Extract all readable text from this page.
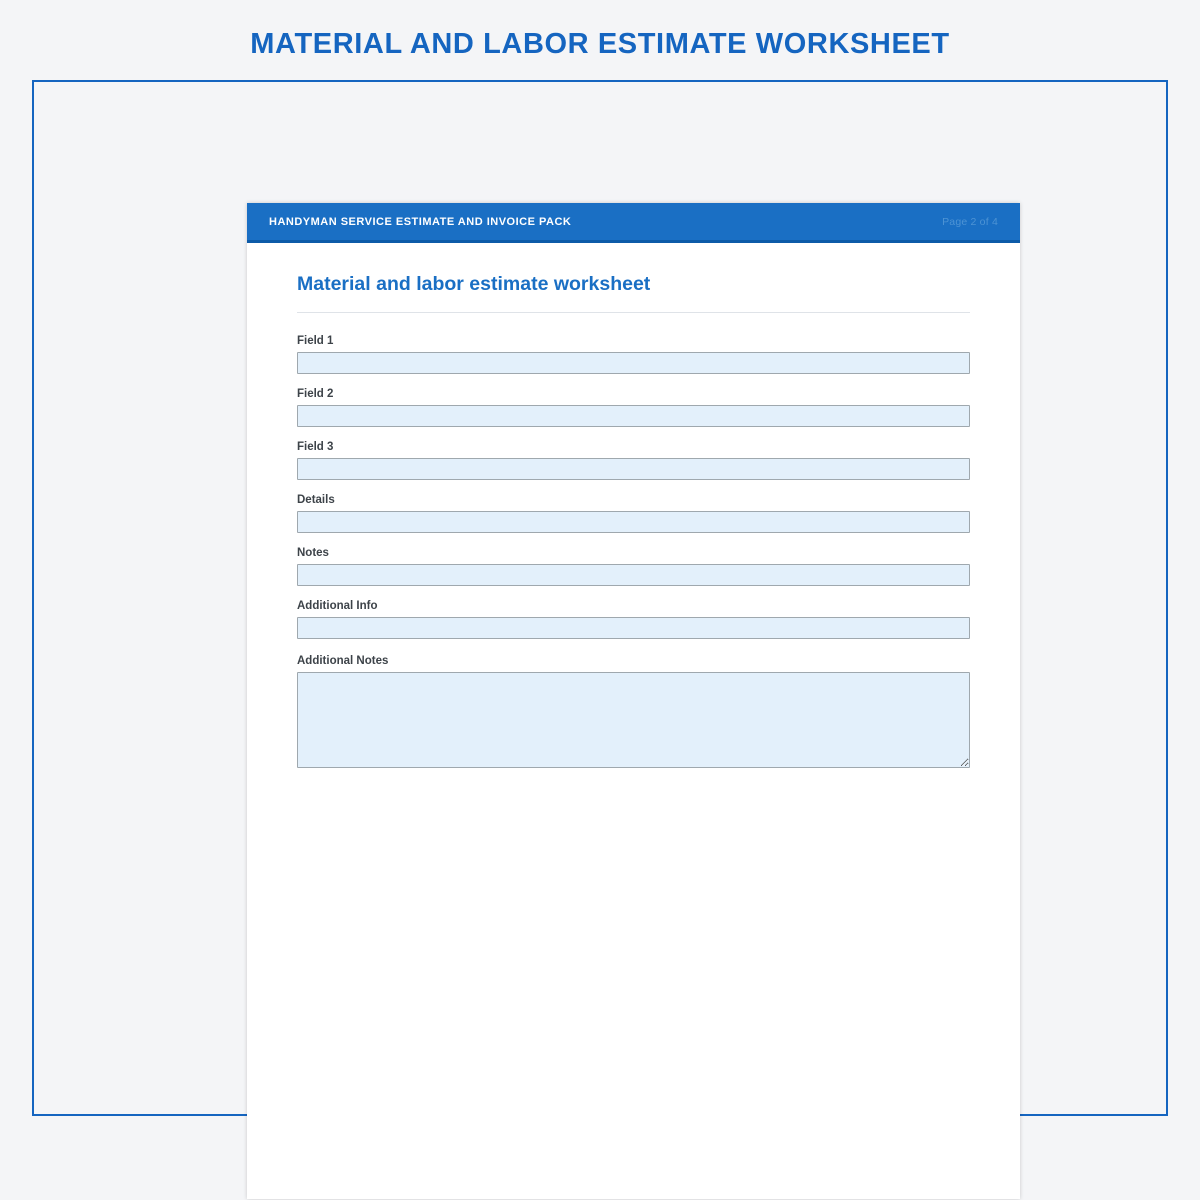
MATERIAL AND LABOR ESTIMATE WORKSHEET
HANDYMAN SERVICE ESTIMATE AND INVOICE PACK	Page 2 of 4
Material and labor estimate worksheet
Field 1
Field 2
Field 3
Details
Notes
Additional Info
Additional Notes
